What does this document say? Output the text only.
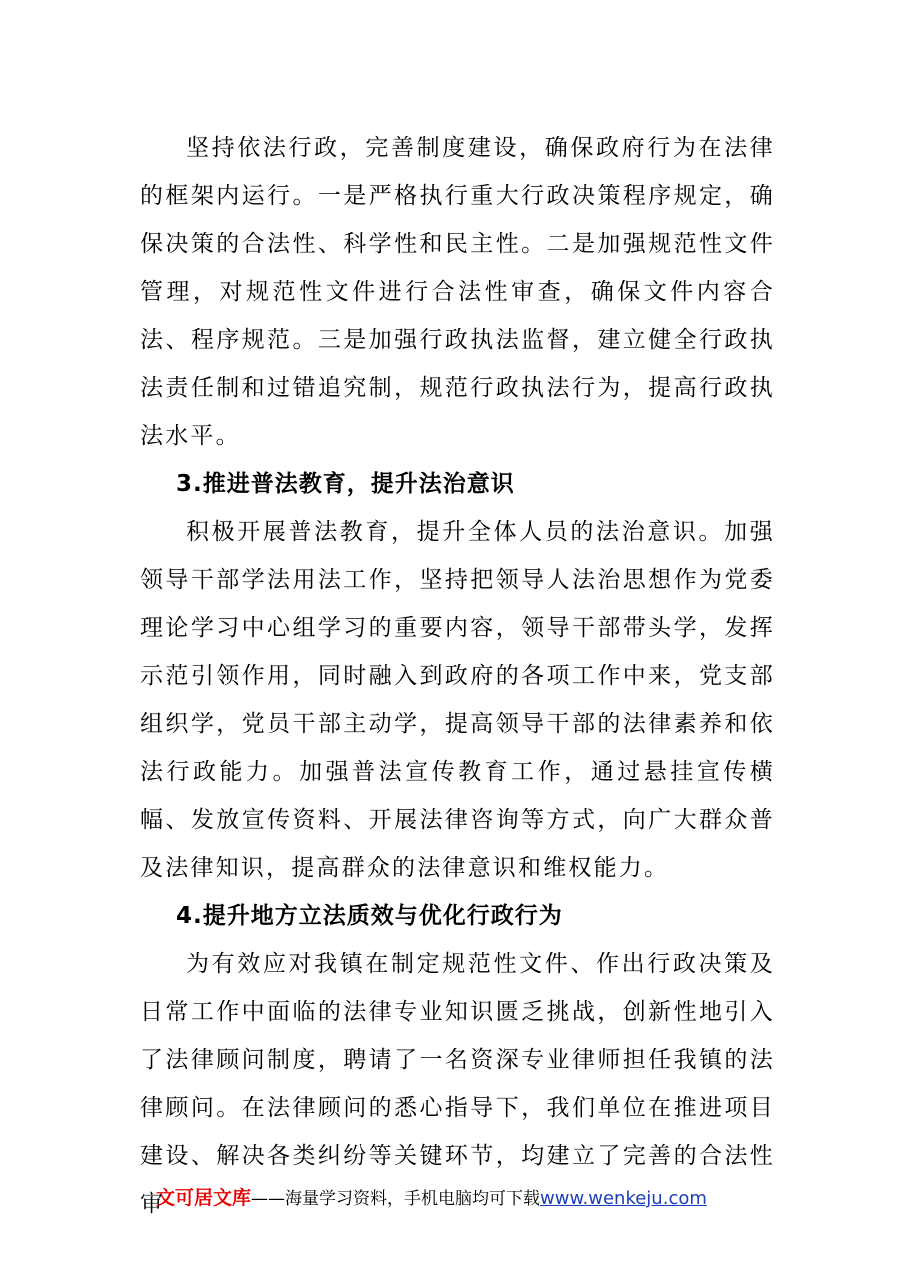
坚持依法行政，完善制度建设，确保政府行为在法律的框架内运行。一是严格执行重大行政决策程序规定，确保决策的合法性、科学性和民主性。二是加强规范性文件管理，对规范性文件进行合法性审查，确保文件内容合法、程序规范。三是加强行政执法监督，建立健全行政执法责任制和过错追究制，规范行政执法行为，提高行政执法水平。

3.推进普法教育，提升法治意识

积极开展普法教育，提升全体人员的法治意识。加强领导干部学法用法工作，坚持把领导人法治思想作为党委理论学习中心组学习的重要内容，领导干部带头学，发挥示范引领作用，同时融入到政府的各项工作中来，党支部组织学，党员干部主动学，提高领导干部的法律素养和依法行政能力。加强普法宣传教育工作，通过悬挂宣传横幅、发放宣传资料、开展法律咨询等方式，向广大群众普及法律知识，提高群众的法律意识和维权能力。

4.提升地方立法质效与优化行政行为

为有效应对我镇在制定规范性文件、作出行政决策及日常工作中面临的法律专业知识匮乏挑战，创新性地引入了法律顾问制度，聘请了一名资深专业律师担任我镇的法律顾问。在法律顾问的悉心指导下，我们单位在推进项目建设、解决各类纠纷等关键环节，均建立了完善的合法性审

文可居文库——海量学习资料，手机电脑均可下载www.wenkeju.com
